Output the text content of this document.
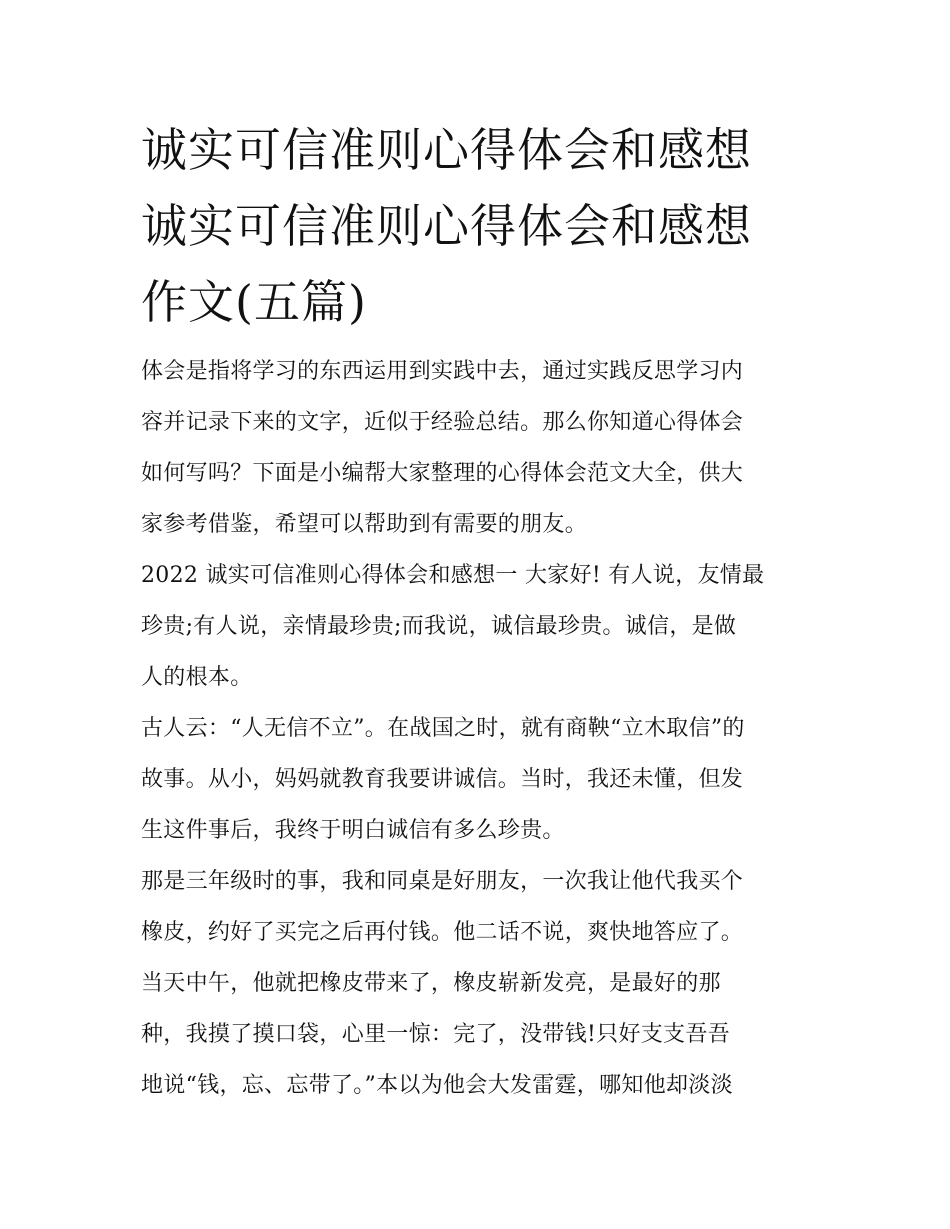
诚实可信准则心得体会和感想
诚实可信准则心得体会和感想
作文(五篇)
体会是指将学习的东西运用到实践中去，通过实践反思学习内
容并记录下来的文字，近似于经验总结。那么你知道心得体会
如何写吗？下面是小编帮大家整理的心得体会范文大全，供大
家参考借鉴，希望可以帮助到有需要的朋友。
2022 诚实可信准则心得体会和感想一 大家好! 有人说，友情最
珍贵;有人说，亲情最珍贵;而我说，诚信最珍贵。诚信，是做
人的根本。
古人云：“人无信不立”。在战国之时，就有商鞅“立木取信”的
故事。从小，妈妈就教育我要讲诚信。当时，我还未懂，但发
生这件事后，我终于明白诚信有多么珍贵。
那是三年级时的事，我和同桌是好朋友，一次我让他代我买个
橡皮，约好了买完之后再付钱。他二话不说，爽快地答应了。
当天中午，他就把橡皮带来了，橡皮崭新发亮，是最好的那
种，我摸了摸口袋，心里一惊：完了，没带钱!只好支支吾吾
地说“钱，忘、忘带了。”本以为他会大发雷霆，哪知他却淡淡
